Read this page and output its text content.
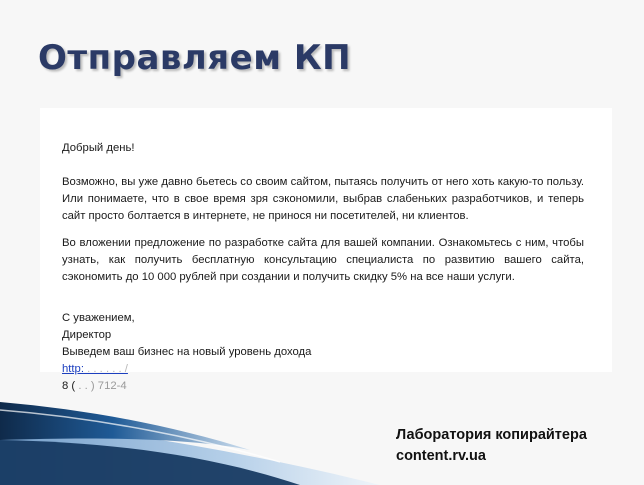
Отправляем КП

Добрый день!

Возможно, вы уже давно бьетесь со своим сайтом, пытаясь получить от него хоть какую-то пользу. Или понимаете, что в свое время зря сэкономили, выбрав слабеньких разработчиков, и теперь сайт просто болтается в интернете, не принося ни посетителей, ни клиентов.

Во вложении предложение по разработке сайта для вашей компании. Ознакомьтесь с ним, чтобы узнать, как получить бесплатную консультацию специалиста по развитию вашего сайта, сэкономить до 10 000 рублей при создании и получить скидку 5% на все наши услуги.

С уважением,

Директор

Выведем ваш бизнес на новый уровень дохода

http: . . . . . . /

8 ( . . ) 712-4

Лаборатория копирайтера
content.rv.ua
